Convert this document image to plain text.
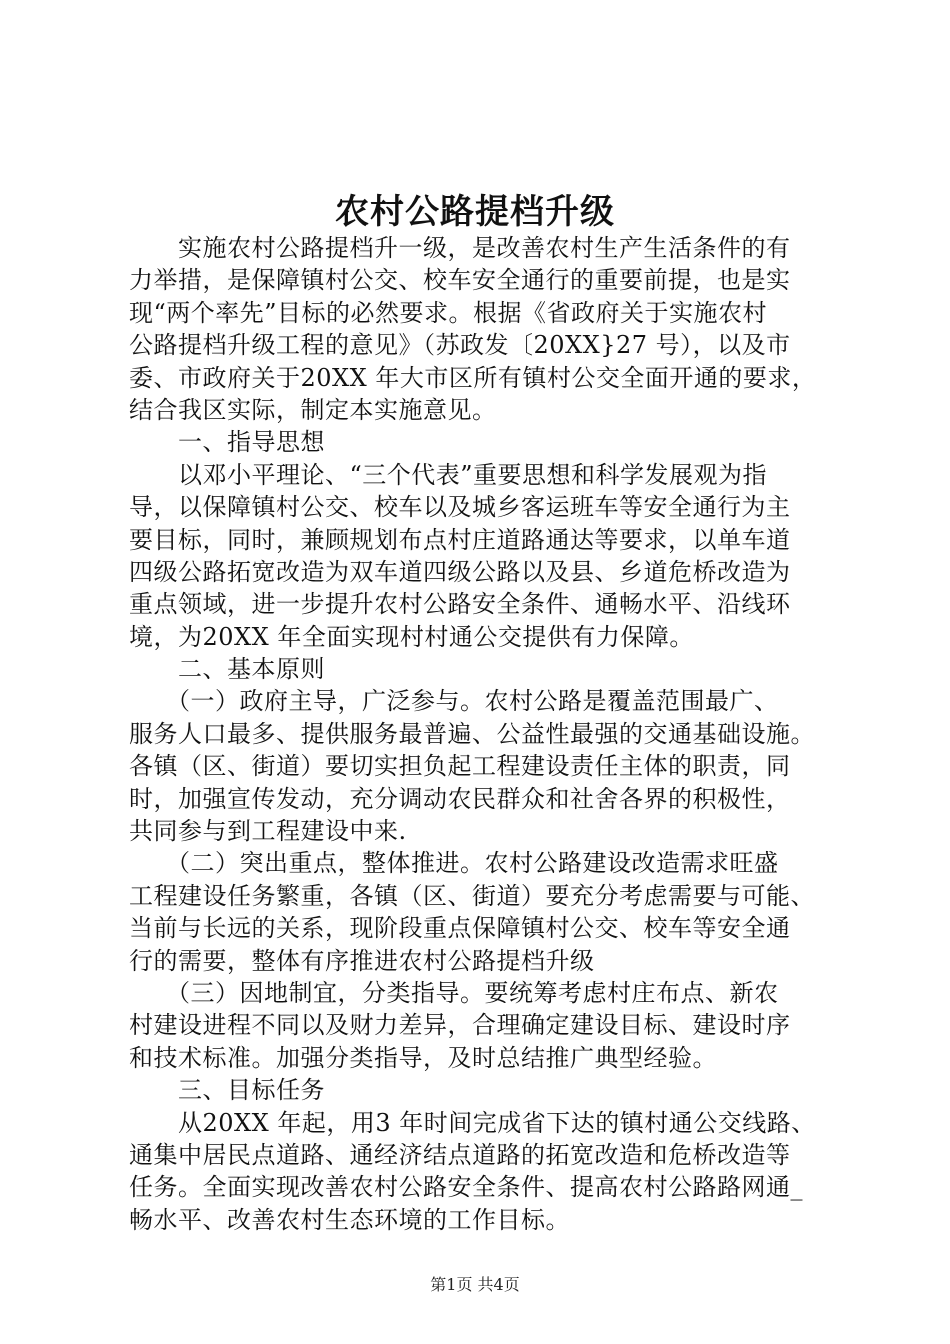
农村公路提档升级
　　实施农村公路提档升一级，是改善农村生产生活条件的有
力举措，是保障镇村公交、校车安全通行的重要前提，也是实
现“两个率先”目标的必然要求。根据《省政府关于实施农村
公路提档升级工程的意见》（苏政发〔20XX}27 号），以及市
委、市政府关于20XX 年大市区所有镇村公交全面开通的要求，
结合我区实际，制定本实施意见。
　　一、指导思想
　　以邓小平理论、“三个代表”重要思想和科学发展观为指
导，以保障镇村公交、校车以及城乡客运班车等安全通行为主
要目标，同时，兼顾规划布点村庄道路通达等要求，以单车道
四级公路拓宽改造为双车道四级公路以及县、乡道危桥改造为
重点领域，进一步提升农村公路安全条件、通畅水平、沿线环
境，为20XX 年全面实现村村通公交提供有力保障。
　　二、基本原则
　　（一）政府主导，广泛参与。农村公路是覆盖范围最广、
服务人口最多、提供服务最普遍、公益性最强的交通基础设施。
各镇（区、街道）要切实担负起工程建设责任主体的职责，同
时，加强宣传发动，充分调动农民群众和社舍各界的积极性，
共同参与到工程建设中来.
　　（二）突出重点，整体推进。农村公路建设改造需求旺盛
工程建设任务繁重，各镇（区、街道）要充分考虑需要与可能、
当前与长远的关系，现阶段重点保障镇村公交、校车等安全通
行的需要，整体有序推进农村公路提档升级
　　（三）因地制宜，分类指导。要统筹考虑村庄布点、新农
村建设进程不同以及财力差异，合理确定建设目标、建设时序
和技术标准。加强分类指导，及时总结推广典型经验。
　　三、目标任务
　　从20XX 年起，用3 年时间完成省下达的镇村通公交线路、
通集中居民点道路、通经济结点道路的拓宽改造和危桥改造等
任务。全面实现改善农村公路安全条件、提高农村公路路网通_
畅水平、改善农村生态环境的工作目标。
第1页 共4页
